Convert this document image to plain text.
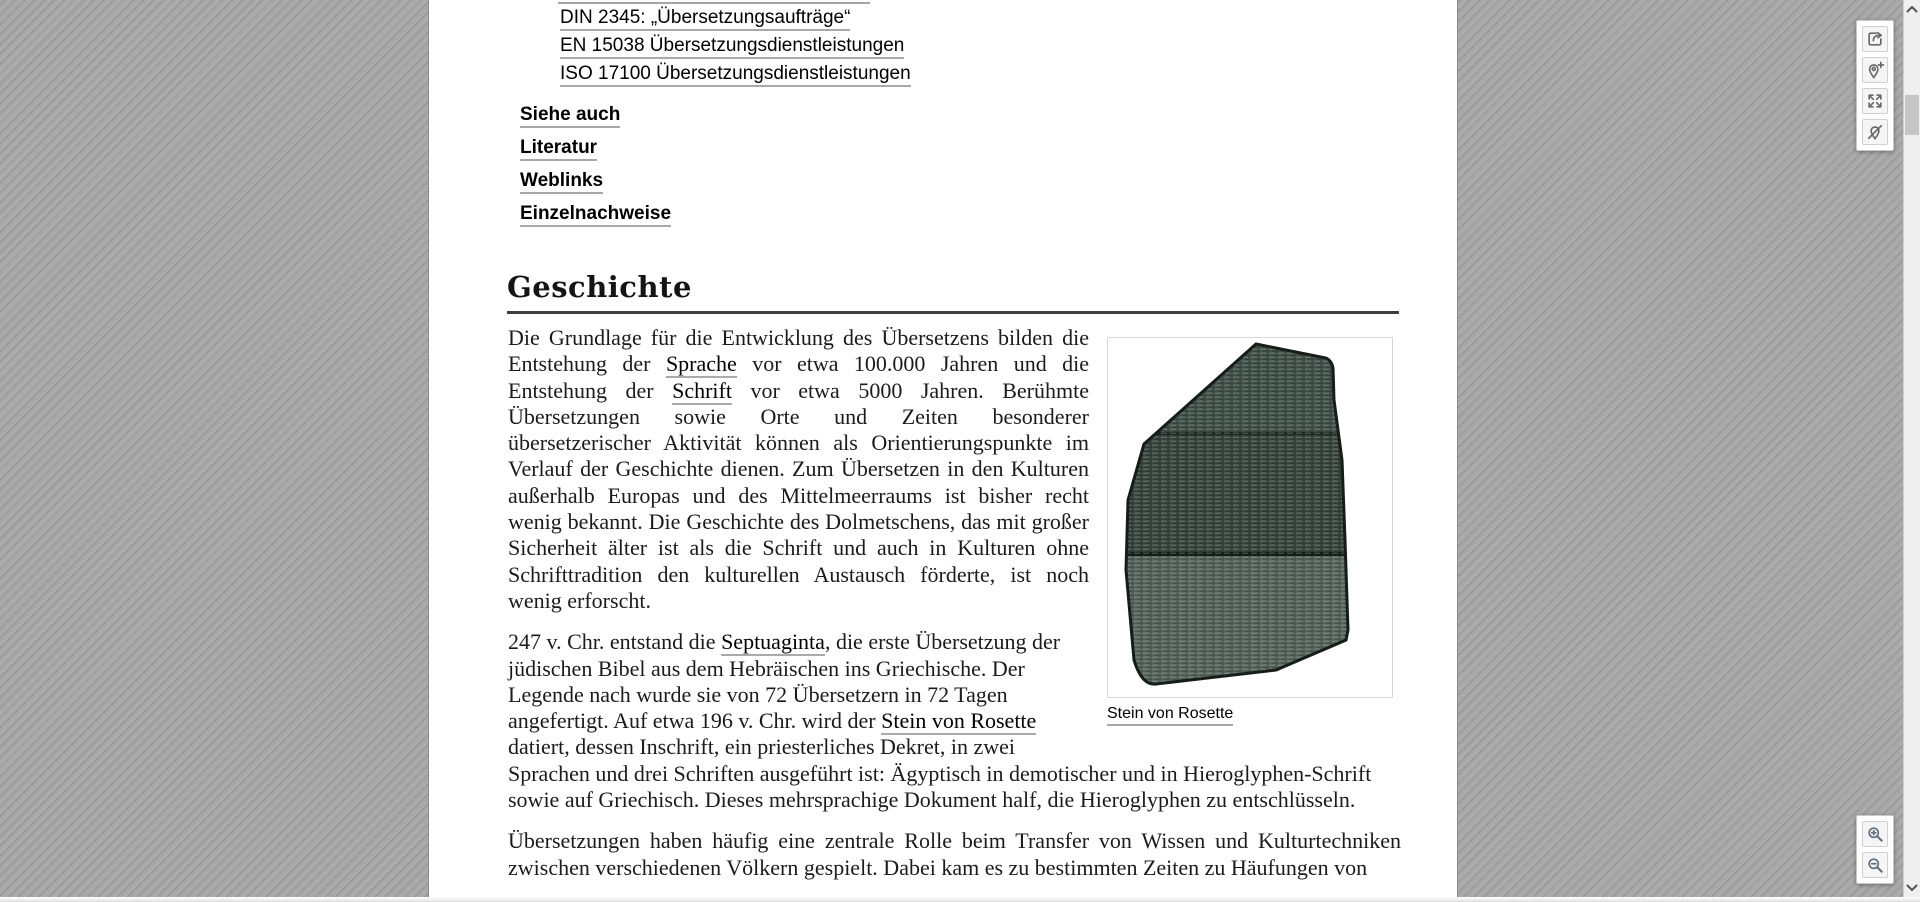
DIN 2345: „Übersetzungsaufträge“
EN 15038 Übersetzungsdienstleistungen
ISO 17100 Übersetzungsdienstleistungen
Siehe auch
Literatur
Weblinks
Einzelnachweise
Geschichte
Stein von Rosette
Die Grundlage für die Entwicklung des Übersetzens bilden die Entstehung der Sprache vor etwa 100.000 Jahren und die Entstehung der Schrift vor etwa 5000 Jahren. Berühmte Übersetzungen sowie Orte und Zeiten besonderer übersetzerischer Aktivität können als Orientierungspunkte im Verlauf der Geschichte dienen. Zum Übersetzen in den Kulturen außerhalb Europas und des Mittelmeerraums ist bisher recht wenig bekannt. Die Geschichte des Dolmetschens, das mit großer Sicherheit älter ist als die Schrift und auch in Kulturen ohne Schrifttradition den kulturellen Austausch förderte, ist noch wenig erforscht.
247 v. Chr. entstand die Septuaginta, die erste Übersetzung der jüdischen Bibel aus dem Hebräischen ins Griechische. Der Legende nach wurde sie von 72 Übersetzern in 72 Tagen angefertigt. Auf etwa 196 v. Chr. wird der Stein von Rosette datiert, dessen Inschrift, ein priesterliches Dekret, in zwei Sprachen und drei Schriften ausgeführt ist: Ägyptisch in demotischer und in Hieroglyphen-Schrift sowie auf Griechisch. Dieses mehrsprachige Dokument half, die Hieroglyphen zu entschlüsseln.
Übersetzungen haben häufig eine zentrale Rolle beim Transfer von Wissen und Kulturtechniken zwischen verschiedenen Völkern gespielt. Dabei kam es zu bestimmten Zeiten zu Häufungen von
